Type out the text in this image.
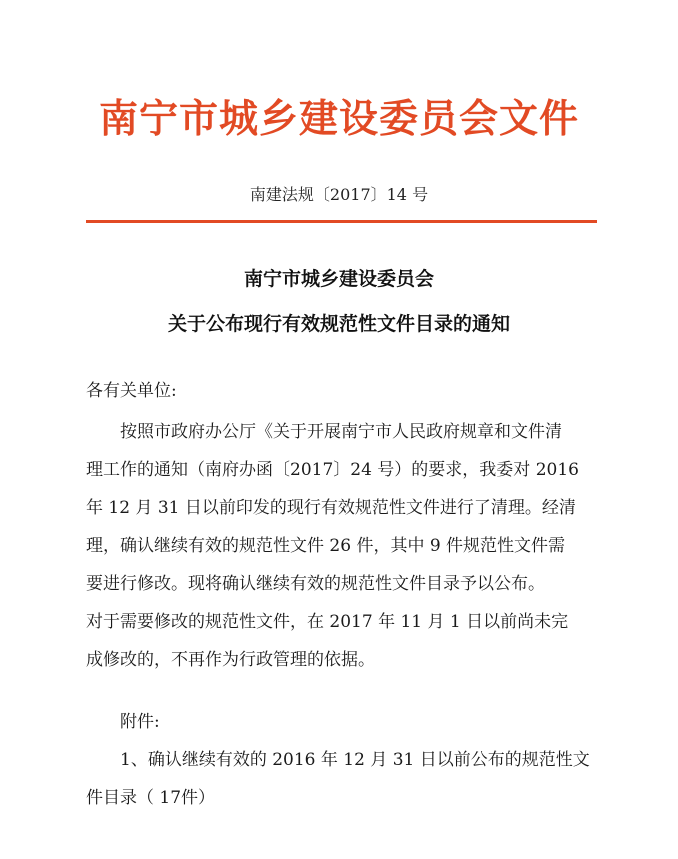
南宁市城乡建设委员会文件
南建法规〔2017〕14 号
南宁市城乡建设委员会
关于公布现行有效规范性文件目录的通知
各有关单位:
按照市政府办公厅《关于开展南宁市人民政府规章和文件清
理工作的通知（南府办函〔2017〕24 号）的要求，我委对 2016
年 12 月 31 日以前印发的现行有效规范性文件进行了清理。经清
理，确认继续有效的规范性文件 26 件，其中 9 件规范性文件需
要进行修改。现将确认继续有效的规范性文件目录予以公布。
对于需要修改的规范性文件，在 2017 年 11 月 1 日以前尚未完
成修改的，不再作为行政管理的依据。
附件:
1、确认继续有效的 2016 年 12 月 31 日以前公布的规范性文
件目录（ 17件）
